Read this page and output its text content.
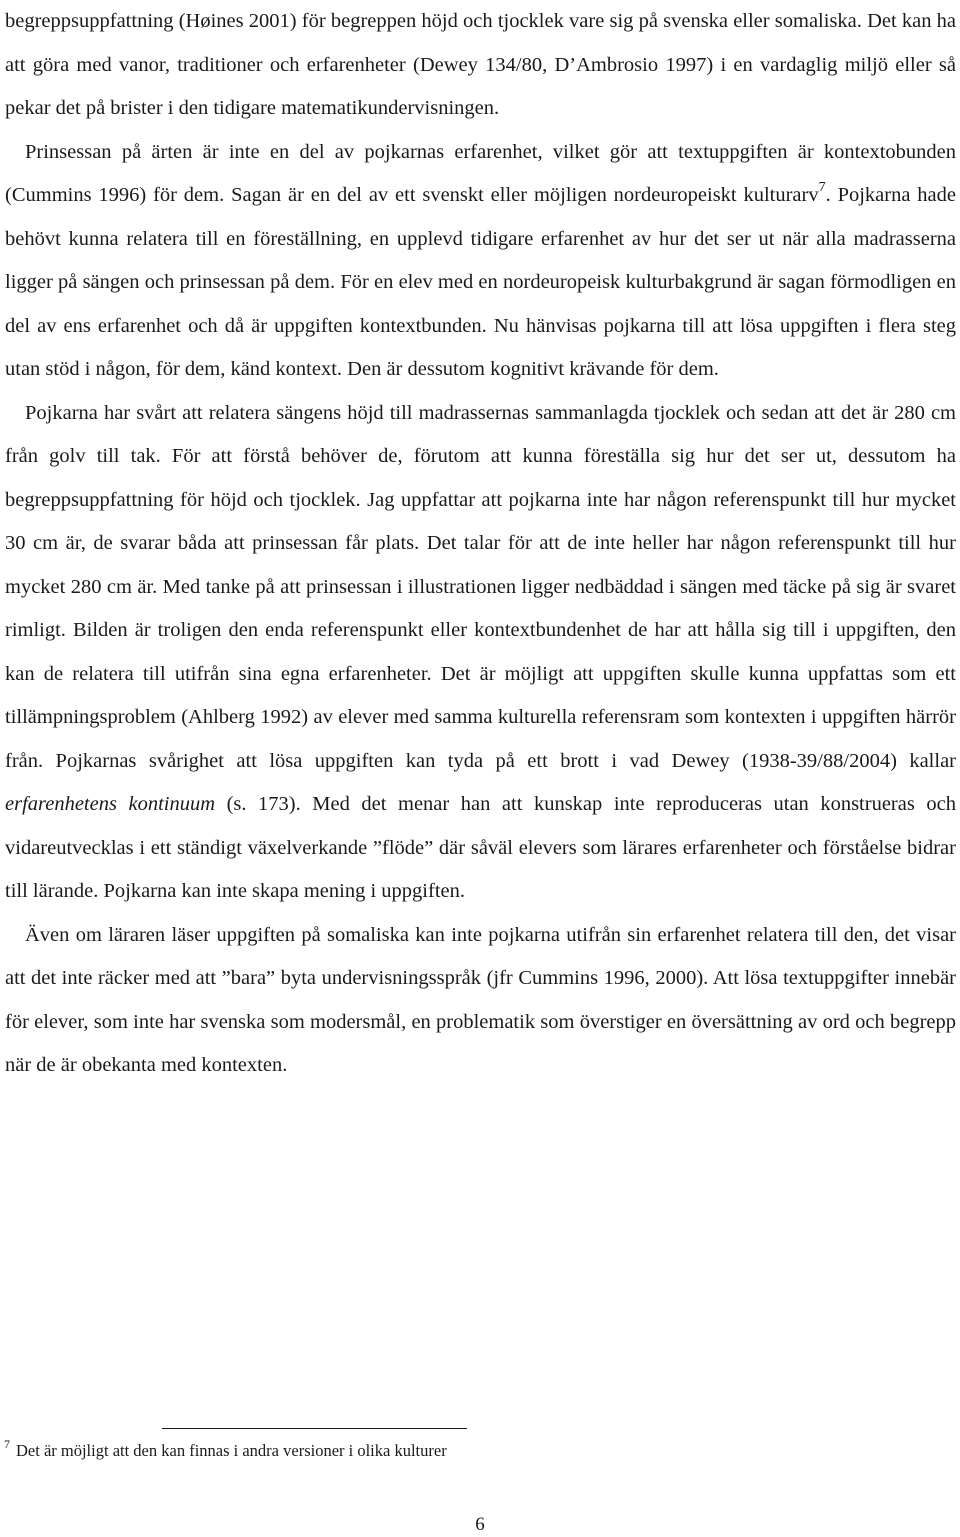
begreppsuppfattning (Høines 2001) för begreppen höjd och tjocklek vare sig på svenska eller somaliska. Det kan ha att göra med vanor, traditioner och erfarenheter (Dewey 134/80, D’Ambrosio 1997) i en vardaglig miljö eller så pekar det på brister i den tidigare matematikundervisningen.

Prinsessan på ärten är inte en del av pojkarnas erfarenhet, vilket gör att textuppgiften är kontextobunden (Cummins 1996) för dem. Sagan är en del av ett svenskt eller möjligen nordeuropeiskt kulturarv$^7$. Pojkarna hade behövt kunna relatera till en föreställning, en upplevd tidigare erfarenhet av hur det ser ut när alla madrasserna ligger på sängen och prinsessan på dem. För en elev med en nordeuropeisk kulturbakgrund är sagan förmodligen en del av ens erfarenhet och då är uppgiften kontextbunden. Nu hänvisas pojkarna till att lösa uppgiften i flera steg utan stöd i någon, för dem, känd kontext. Den är dessutom kognitivt krävande för dem.

Pojkarna har svårt att relatera sängens höjd till madrassernas sammanlagda tjocklek och sedan att det är 280 cm från golv till tak. För att förstå behöver de, förutom att kunna föreställa sig hur det ser ut, dessutom ha begreppsuppfattning för höjd och tjocklek. Jag uppfattar att pojkarna inte har någon referenspunkt till hur mycket 30 cm är, de svarar båda att prinsessan får plats. Det talar för att de inte heller har någon referenspunkt till hur mycket 280 cm är. Med tanke på att prinsessan i illustrationen ligger nedbäddad i sängen med täcke på sig är svaret rimligt. Bilden är troligen den enda referenspunkt eller kontextbundenhet de har att hålla sig till i uppgiften, den kan de relatera till utifrån sina egna erfarenheter. Det är möjligt att uppgiften skulle kunna uppfattas som ett tillämpningsproblem (Ahlberg 1992) av elever med samma kulturella referensram som kontexten i uppgiften härrör från. Pojkarnas svårighet att lösa uppgiften kan tyda på ett brott i vad Dewey (1938-39/88/2004) kallar erfarenhetens kontinuum (s. 173). Med det menar han att kunskap inte reproduceras utan konstrueras och vidareutvecklas i ett ständigt växelverkande ”flöde” där såväl elevers som lärares erfarenheter och förståelse bidrar till lärande. Pojkarna kan inte skapa mening i uppgiften.

Även om läraren läser uppgiften på somaliska kan inte pojkarna utifrån sin erfarenhet relatera till den, det visar att det inte räcker med att ”bara” byta undervisningsspråk (jfr Cummins 1996, 2000). Att lösa textuppgifter innebär för elever, som inte har svenska som modersmål, en problematik som överstiger en översättning av ord och begrepp när de är obekanta med kontexten.

$^7$ Det är möjligt att den kan finnas i andra versioner i olika kulturer
6
